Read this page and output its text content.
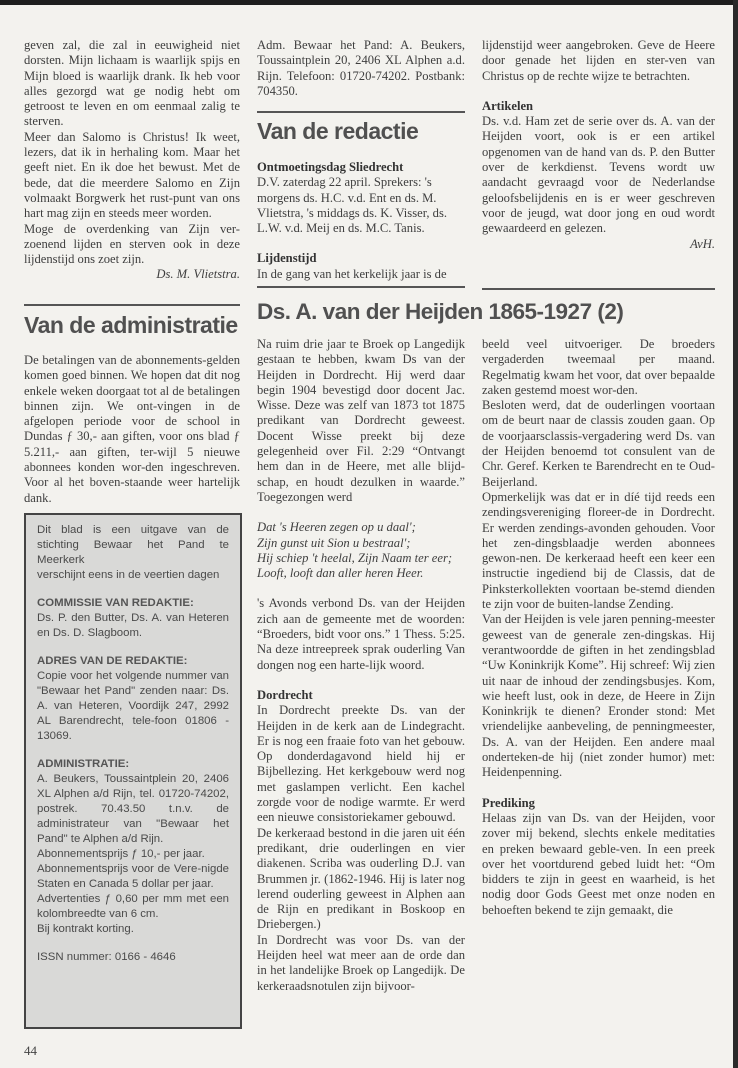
geven zal, die zal in eeuwigheid niet dorsten. Mijn lichaam is waarlijk spijs en Mijn bloed is waarlijk drank. Ik heb voor alles gezorgd wat ge nodig hebt om getroost te leven en om eenmaal zalig te sterven.

Meer dan Salomo is Christus! Ik weet, lezers, dat ik in herhaling kom. Maar het geeft niet. En ik doe het bewust. Met de bede, dat die meerdere Salomo en Zijn volmaakt Borgwerk het rust-punt van ons hart mag zijn en steeds meer worden.

Moge de overdenking van Zijn ver-zoenend lijden en sterven ook in deze lijdenstijd ons zoet zijn.

Ds. M. Vlietstra.

Adm. Bewaar het Pand: A. Beukers, Toussaintplein 20, 2406 XL Alphen a.d. Rijn. Telefoon: 01720-74202. Postbank: 704350.

Van de redactie

Ontmoetingsdag Sliedrecht

D.V. zaterdag 22 april. Sprekers: 's morgens ds. H.C. v.d. Ent en ds. M. Vlietstra, 's middags ds. K. Visser, ds. L.W. v.d. Meij en ds. M.C. Tanis.

Lijdenstijd

In de gang van het kerkelijk jaar is de

lijdenstijd weer aangebroken. Geve de Heere door genade het lijden en ster-ven van Christus op de rechte wijze te betrachten.

Artikelen

Ds. v.d. Ham zet de serie over ds. A. van der Heijden voort, ook is er een artikel opgenomen van de hand van ds. P. den Butter over de kerkdienst. Tevens wordt uw aandacht gevraagd voor de Nederlandse geloofsbelijdenis en is er weer geschreven voor de jeugd, wat door jong en oud wordt gewaardeerd en gelezen.

AvH.

Van de administratie

De betalingen van de abonnements-gelden komen goed binnen. We hopen dat dit nog enkele weken doorgaat tot al de betalingen binnen zijn. We ont-vingen in de afgelopen periode voor de school in Dundas ƒ 30,- aan giften, voor ons blad ƒ 5.211,- aan giften, ter-wijl 5 nieuwe abonnees konden wor-den ingeschreven. Voor al het boven-staande weer hartelijk dank.

Dit blad is een uitgave van de stichting Bewaar het Pand te Meerkerk

verschijnt eens in de veertien dagen

COMMISSIE VAN REDAKTIE:

Ds. P. den Butter, Ds. A. van Heteren en Ds. D. Slagboom.

ADRES VAN DE REDAKTIE:

Copie voor het volgende nummer van "Bewaar het Pand" zenden naar: Ds. A. van Heteren, Voordijk 247, 2992 AL Barendrecht, tele-foon 01806 - 13069.

ADMINISTRATIE:

A. Beukers, Toussaintplein 20, 2406 XL Alphen a/d Rijn, tel. 01720-74202, postrek. 70.43.50 t.n.v. de administrateur van "Bewaar het Pand" te Alphen a/d Rijn.

Abonnementsprijs ƒ 10,- per jaar.

Abonnementsprijs voor de Vere-nigde Staten en Canada 5 dollar per jaar.

Advertenties ƒ 0,60 per mm met een kolombreedte van 6 cm.

Bij kontrakt korting.

ISSN nummer: 0166 - 4646

Ds. A. van der Heijden 1865-1927 (2)

Na ruim drie jaar te Broek op Langedijk gestaan te hebben, kwam Ds van der Heijden in Dordrecht. Hij werd daar begin 1904 bevestigd door docent Jac. Wisse. Deze was zelf van 1873 tot 1875 predikant van Dordrecht geweest. Docent Wisse preekt bij deze gelegenheid over Fil. 2:29 “Ontvangt hem dan in de Heere, met alle blijd-schap, en houdt dezulken in waarde.” Toegezongen werd

Dat 's Heeren zegen op u daal';

Zijn gunst uit Sion u bestraal';

Hij schiep 't heelal, Zijn Naam ter eer;

Looft, looft dan aller heren Heer.

's Avonds verbond Ds. van der Heijden zich aan de gemeente met de woorden: “Broeders, bidt voor ons.” 1 Thess. 5:25. Na deze intreepreek sprak ouderling Van dongen nog een harte-lijk woord.

Dordrecht

In Dordrecht preekte Ds. van der Heijden in de kerk aan de Lindegracht. Er is nog een fraaie foto van het gebouw. Op donderdagavond hield hij er Bijbellezing. Het kerkgebouw werd nog met gaslampen verlicht. Een kachel zorgde voor de nodige warmte. Er werd een nieuwe consistoriekamer gebouwd.

De kerkeraad bestond in die jaren uit één predikant, drie ouderlingen en vier diakenen. Scriba was ouderling D.J. van Brummen jr. (1862-1946. Hij is later nog lerend ouderling geweest in Alphen aan de Rijn en predikant in Boskoop en Driebergen.)

In Dordrecht was voor Ds. van der Heijden heel wat meer aan de orde dan in het landelijke Broek op Langedijk. De kerkeraadsnotulen zijn bijvoor-

beeld veel uitvoeriger. De broeders vergaderden tweemaal per maand. Regelmatig kwam het voor, dat over bepaalde zaken gestemd moest wor-den.

Besloten werd, dat de ouderlingen voortaan om de beurt naar de classis zouden gaan. Op de voorjaarsclassis-vergadering werd Ds. van der Heijden benoemd tot consulent van de Chr. Geref. Kerken te Barendrecht en te Oud-Beijerland.

Opmerkelijk was dat er in díé tijd reeds een zendingsvereniging floreer-de in Dordrecht. Er werden zendings-avonden gehouden. Voor het zen-dingsblaadje werden abonnees gewon-nen. De kerkeraad heeft een keer een instructie ingediend bij de Classis, dat de Pinksterkollekten voortaan be-stemd dienden te zijn voor de buiten-landse Zending.

Van der Heijden is vele jaren penning-meester geweest van de generale zen-dingskas. Hij verantwoordde de giften in het zendingsblad “Uw Koninkrijk Kome”. Hij schreef: Wij zien uit naar de inhoud der zendingsbusjes. Kom, wie heeft lust, ook in deze, de Heere in Zijn Koninkrijk te dienen? Eronder stond: Met vriendelijke aanbeveling, de penningmeester, Ds. A. van der Heijden. Een andere maal onderteken-de hij (niet zonder humor) met: Heidenpenning.

Prediking

Helaas zijn van Ds. van der Heijden, voor zover mij bekend, slechts enkele meditaties en preken bewaard geble-ven. In een preek over het voortdurend gebed luidt het: “Om bidders te zijn in geest en waarheid, is het nodig door Gods Geest met onze noden en behoeften bekend te zijn gemaakt, die

44
